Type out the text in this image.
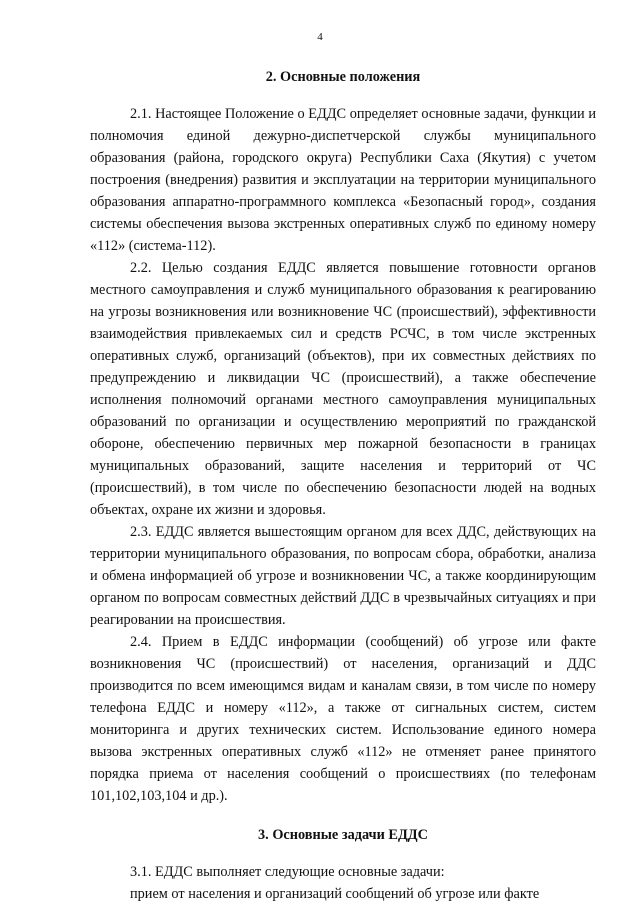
4
2. Основные положения

2.1. Настоящее Положение о ЕДДС определяет основные задачи, функции и полномочия единой дежурно-диспетчерской службы муниципального образования (района, городского округа) Республики Саха (Якутия) с учетом построения (внедрения) развития и эксплуатации на территории муниципального образования аппаратно-программного комплекса «Безопасный город», создания системы обеспечения вызова экстренных оперативных служб по единому номеру «112» (система-112).

2.2. Целью создания ЕДДС является повышение готовности органов местного самоуправления и служб муниципального образования к реагированию на угрозы возникновения или возникновение ЧС (происшествий), эффективности взаимодействия привлекаемых сил и средств РСЧС, в том числе экстренных оперативных служб, организаций (объектов), при их совместных действиях по предупреждению и ликвидации ЧС (происшествий), а также обеспечение исполнения полномочий органами местного самоуправления муниципальных образований по организации и осуществлению мероприятий по гражданской обороне, обеспечению первичных мер пожарной безопасности в границах муниципальных образований, защите населения и территорий от ЧС (происшествий), в том числе по обеспечению безопасности людей на водных объектах, охране их жизни и здоровья.

2.3. ЕДДС является вышестоящим органом для всех ДДС, действующих на территории муниципального образования, по вопросам сбора, обработки, анализа и обмена информацией об угрозе и возникновении ЧС, а также координирующим органом по вопросам совместных действий ДДС в чрезвычайных ситуациях и при реагировании на происшествия.

2.4. Прием в ЕДДС информации (сообщений) об угрозе или факте возникновения ЧС (происшествий) от населения, организаций и ДДС производится по всем имеющимся видам и каналам связи, в том числе по номеру телефона ЕДДС и номеру «112», а также от сигнальных систем, систем мониторинга и других технических систем. Использование единого номера вызова экстренных оперативных служб «112» не отменяет ранее принятого порядка приема от населения сообщений о происшествиях (по телефонам 101,102,103,104 и др.).

3. Основные задачи ЕДДС

3.1. ЕДДС выполняет следующие основные задачи:

прием от населения и организаций сообщений об угрозе или факте
